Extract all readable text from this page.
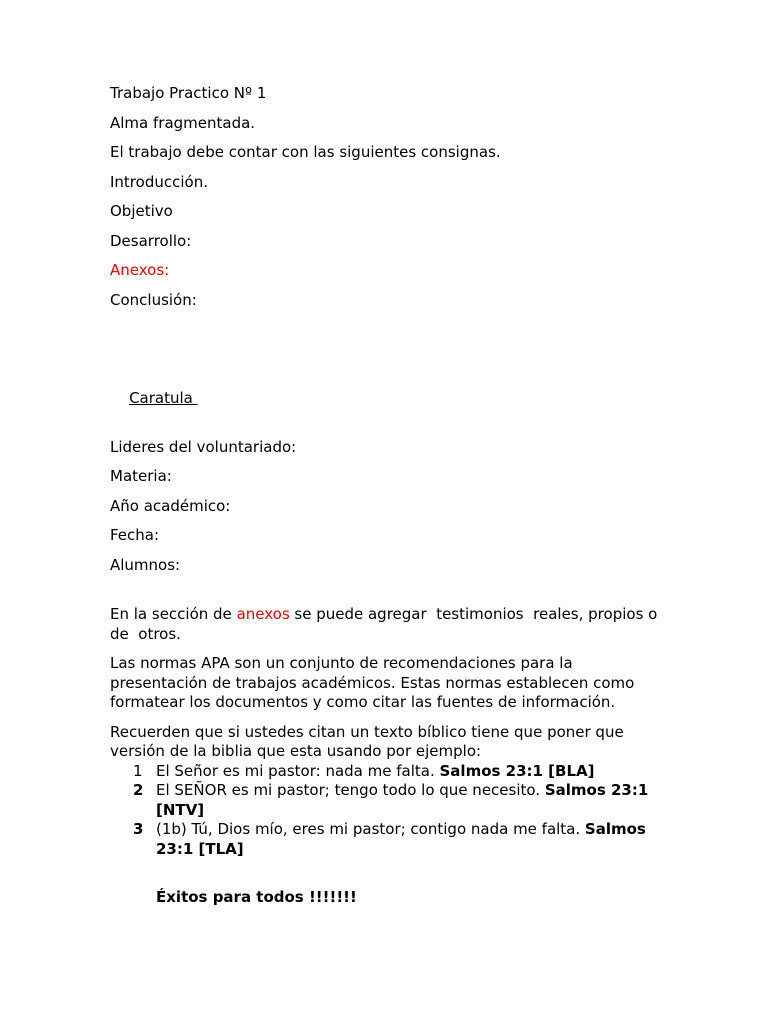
Trabajo Practico Nº 1
Alma fragmentada.
El trabajo debe contar con las siguientes consignas.
Introducción.
Objetivo
Desarrollo:
Anexos:
Conclusión:

Caratula

Lideres del voluntariado:
Materia:
Año académico:
Fecha:
Alumnos:
En la sección de anexos se puede agregar  testimonios  reales, propios o de  otros.
Las normas APA son un conjunto de recomendaciones para la presentación de trabajos académicos. Estas normas establecen como formatear los documentos y como citar las fuentes de información.
Recuerden que si ustedes citan un texto bíblico tiene que poner que versión de la biblia que esta usando por ejemplo:
1 El Señor es mi pastor: nada me falta. Salmos 23:1 [BLA]
2 El SEÑOR es mi pastor; tengo todo lo que necesito. Salmos 23:1 [NTV]
3 (1b) Tú, Dios mío, eres mi pastor; contigo nada me falta. Salmos 23:1 [TLA]
Éxitos para todos !!!!!!!
